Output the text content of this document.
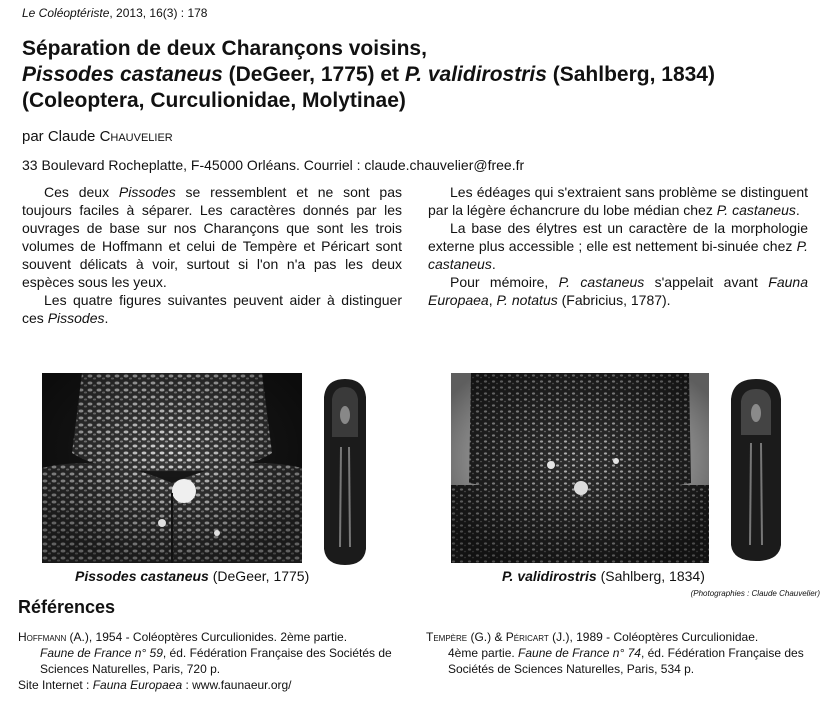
Le Coléoptériste, 2013, 16(3) : 178
Séparation de deux Charançons voisins,
Pissodes castaneus (DeGeer, 1775) et P. validirostris (Sahlberg, 1834)
(Coleoptera, Curculionidae, Molytinae)
par Claude Chauvelier
33 Boulevard Rocheplatte, F-45000 Orléans. Courriel : claude.chauvelier@free.fr

Ces deux Pissodes se ressemblent et ne sont pas toujours faciles à séparer. Les caractères donnés par les ouvrages de base sur nos Charançons que sont les trois volumes de Hoffmann et celui de Tempère et Péricart sont souvent délicats à voir, surtout si l'on n'a pas les deux espèces sous les yeux.

Les quatre figures suivantes peuvent aider à distinguer ces Pissodes.

Les édéages qui s'extraient sans problème se distinguent par la légère échancrure du lobe médian chez P. castaneus.

La base des élytres est un caractère de la morphologie externe plus accessible ; elle est nettement bi-sinuée chez P. castaneus.

Pour mémoire, P. castaneus s'appelait avant Fauna Europaea, P. notatus (Fabricius, 1787).

Pissodes castaneus (DeGeer, 1775)	P. validirostris (Sahlberg, 1834)
(Photographies : Claude Chauvelier)
Références
Hoffmann (A.), 1954 - Coléoptères Curculionides. 2ème partie.
Faune de France n° 59, éd. Fédération Française des Sociétés de Sciences Naturelles, Paris, 720 p.
Site Internet : Fauna Europaea : www.faunaeur.org/
Tempère (G.) & Péricart (J.), 1989 - Coléoptères Curculionidae.
4ème partie. Faune de France n° 74, éd. Fédération Française des Sociétés de Sciences Naturelles, Paris, 534 p.
